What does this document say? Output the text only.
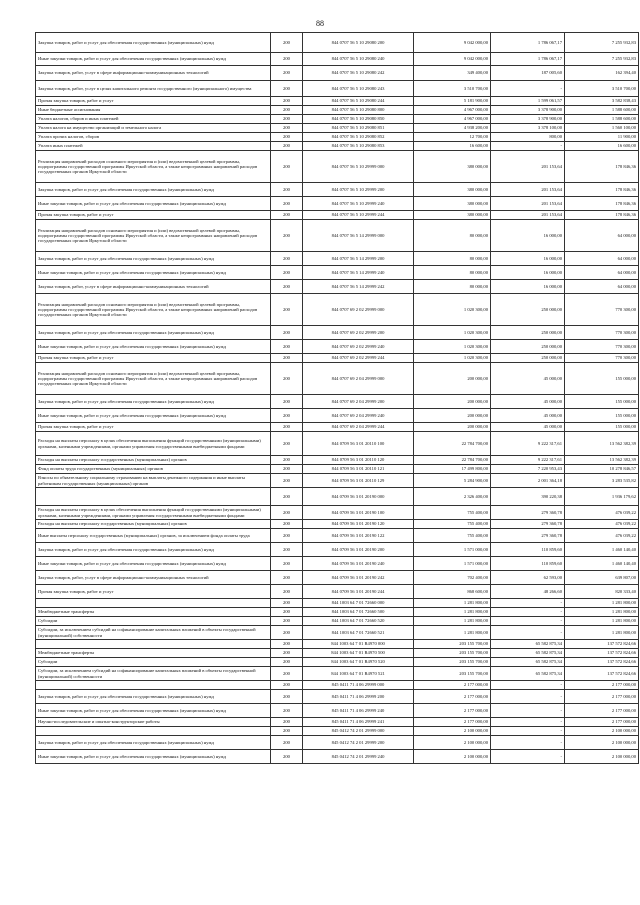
88
Закупка товаров, работ и услуг для обеспечения государственных (муниципальных) нужд	200	844 0707 56 5 10 29080 200	9 042 000,00	1 786 067,17	7 255 932,83
Иные закупки товаров, работ и услуг для обеспечения государственных (муниципальных) нужд	200	844 0707 56 5 10 29080 240	9 042 000,00	1 786 067,17	7 255 932,83
Закупка товаров, работ, услуг в сфере информационно-коммуникационных технологий	200	844 0707 56 5 10 29080 242	349 400,00	187 005,60	162 394,40
Закупка товаров, работ, услуг в целях капитального ремонта государственного (муниципального) имущества	200	844 0707 56 5 10 29080 243	3 510 700,00	-	3 510 700,00
Прочая закупка товаров, работ и услуг	200	844 0707 56 5 10 29080 244	5 181 900,00	1 599 061,57	3 582 838,43
Иные бюджетные ассигнования	200	844 0707 56 5 10 29080 800	4 967 000,00	3 378 900,00	1 588 600,00
Уплата налогов, сборов и иных платежей	200	844 0707 56 5 10 29080 850	4 967 000,00	3 378 900,00	1 588 600,00
Уплата налога на имущество организаций и земельного налога	200	844 0707 56 5 10 29080 851	4 938 200,00	3 378 100,00	1 560 100,00
Уплата прочих налогов, сборов	200	844 0707 56 5 10 29080 852	12 700,00	800,00	11 900,00
Уплата иных платежей	200	844 0707 56 5 10 29080 853	16 600,00	-	16 600,00
Реализация направлений расходов основного мероприятия и (или) ведомственной целевой программы, подпрограммы государственной программы Иркутской области, а также непрограммных направлений расходов государственных органов Иркутской области	200	844 0707 56 5 10 29999 000	380 000,00	201 153,64	178 846,36
Закупка товаров, работ и услуг для обеспечения государственных (муниципальных) нужд	200	844 0707 56 5 10 29999 200	380 000,00	201 153,64	178 846,36
Иные закупки товаров, работ и услуг для обеспечения государственных (муниципальных) нужд	200	844 0707 56 5 10 29999 240	380 000,00	201 153,64	178 846,36
Прочая закупка товаров, работ и услуг	200	844 0707 56 5 10 29999 244	380 000,00	201 153,64	178 846,36
Реализация направлений расходов основного мероприятия и (или) ведомственной целевой программы, подпрограммы государственной программы Иркутской области, а также непрограммных направлений расходов государственных органов Иркутской области	200	844 0707 56 5 14 29999 000	80 000,00	16 000,00	64 000,00
Закупка товаров, работ и услуг для обеспечения государственных (муниципальных) нужд	200	844 0707 56 5 14 29999 200	80 000,00	16 000,00	64 000,00
Иные закупки товаров, работ и услуг для обеспечения государственных (муниципальных) нужд	200	844 0707 56 5 14 29999 240	80 000,00	16 000,00	64 000,00
Закупка товаров, работ, услуг в сфере информационно-коммуникационных технологий	200	844 0707 56 5 14 29999 242	80 000,00	16 000,00	64 000,00
Реализация направлений расходов основного мероприятия и (или) ведомственной целевой программы, подпрограммы государственной программы Иркутской области, а также непрограммных направлений расходов государственных органов Иркутской области	200	844 0707 69 2 02 29999 000	1 020 300,00	250 000,00	770 300,00
Закупка товаров, работ и услуг для обеспечения государственных (муниципальных) нужд	200	844 0707 69 2 02 29999 200	1 020 300,00	250 000,00	770 300,00
Иные закупки товаров, работ и услуг для обеспечения государственных (муниципальных) нужд	200	844 0707 69 2 02 29999 240	1 020 300,00	250 000,00	770 300,00
Прочая закупка товаров, работ и услуг	200	844 0707 69 2 02 29999 244	1 020 300,00	250 000,00	770 300,00
Реализация направлений расходов основного мероприятия и (или) ведомственной целевой программы, подпрограммы государственной программы Иркутской области, а также непрограммных направлений расходов государственных органов Иркутской области	200	844 0707 69 2 04 29999 000	200 000,00	45 000,00	155 000,00
Закупка товаров, работ и услуг для обеспечения государственных (муниципальных) нужд	200	844 0707 69 2 04 29999 200	200 000,00	45 000,00	155 000,00
Иные закупки товаров, работ и услуг для обеспечения государственных (муниципальных) нужд	200	844 0707 69 2 04 29999 240	200 000,00	45 000,00	155 000,00
Прочая закупка товаров, работ и услуг	200	844 0707 69 2 04 29999 244	200 000,00	45 000,00	155 000,00
Расходы на выплаты персоналу в целях обеспечения выполнения функций государственными (муниципальными) органами, казенными учреждениями, органами управления государственными внебюджетными фондами	200	844 0709 56 3 01 20110 100	22 784 700,00	9 222 317,61	13 562 382,39
Расходы на выплаты персоналу государственных (муниципальных) органов	200	844 0709 56 3 01 20110 120	22 784 700,00	9 222 317,61	13 562 382,39
Фонд оплаты труда государственных (муниципальных) органов	200	844 0709 56 3 01 20110 121	17 499 800,00	7 220 953,43	10 278 846,57
Взносы по обязательному социальному страхованию на выплаты денежного содержания и иные выплаты работникам государственных (муниципальных) органов	200	844 0709 56 3 01 20110 129	5 284 900,00	2 001 364,18	3 283 535,82
	200	844 0709 56 3 01 20190 000	2 326 400,00	390 220,38	1 936 179,62
Расходы на выплаты персоналу в целях обеспечения выполнения функций государственными (муниципальными) органами, казенными учреждениями, органами управления государственными внебюджетными фондами	200	844 0709 56 3 01 20190 100	755 400,00	279 360,78	476 039,22
Расходы на выплаты персоналу государственных (муниципальных) органов	200	844 0709 56 3 01 20190 120	755 400,00	279 360,78	476 039,22
Иные выплаты персоналу государственных (муниципальных) органов, за исключением фонда оплаты труда	200	844 0709 56 3 01 20190 122	755 400,00	279 360,78	476 039,22
Закупка товаров, работ и услуг для обеспечения государственных (муниципальных) нужд	200	844 0709 56 3 01 20190 200	1 571 000,00	110 859,60	1 460 140,40
Иные закупки товаров, работ и услуг для обеспечения государственных (муниципальных) нужд	200	844 0709 56 3 01 20190 240	1 571 000,00	110 859,60	1 460 140,40
Закупка товаров, работ, услуг в сфере информационно-коммуникационных технологий	200	844 0709 56 3 01 20190 242	702 400,00	62 593,00	639 807,00
Прочая закупка товаров, работ и услуг	200	844 0709 56 3 01 20190 244	868 600,00	48 266,60	820 333,40
	200	844 1003 64 7 01 72660 000	1 281 800,00	-	1 281 800,00
Межбюджетные трансферты	200	844 1003 64 7 01 72660 500	1 281 800,00	-	1 281 800,00
Субсидии	200	844 1003 64 7 01 72660 520	1 281 800,00	-	1 281 800,00
Субсидии, за исключением субсидий на софинансирование капитальных вложений в объекты государственной (муниципальной) собственности	200	844 1003 64 7 01 72660 521	1 281 800,00	-	1 281 800,00
	200	844 1003 64 7 01 R4970 000	203 155 700,00	65 582 875,34	137 572 824,66
Межбюджетные трансферты	200	844 1003 64 7 01 R4970 500	203 155 700,00	65 582 875,34	137 572 824,66
Субсидии	200	844 1003 64 7 01 R4970 520	203 155 700,00	65 582 875,34	137 572 824,66
Субсидии, за исключением субсидий на софинансирование капитальных вложений в объекты государственной (муниципальной) собственности	200	844 1003 64 7 01 R4970 521	203 155 700,00	65 582 875,34	137 572 824,66
	200	845 0411 71 4 06 29999 000	2 177 000,00	-	2 177 000,00
Закупка товаров, работ и услуг для обеспечения государственных (муниципальных) нужд	200	845 0411 71 4 06 29999 200	2 177 000,00	-	2 177 000,00
Иные закупки товаров, работ и услуг для обеспечения государственных (муниципальных) нужд	200	845 0411 71 4 06 29999 240	2 177 000,00	-	2 177 000,00
Научно-исследовательские и опытно-конструкторские работы	200	845 0411 71 4 06 29999 241	2 177 000,00	-	2 177 000,00
	200	845 0412 74 2 01 29999 000	2 100 000,00	-	2 100 000,00
Закупка товаров, работ и услуг для обеспечения государственных (муниципальных) нужд	200	845 0412 74 2 01 29999 200	2 100 000,00	-	2 100 000,00
Иные закупки товаров, работ и услуг для обеспечения государственных (муниципальных) нужд	200	845 0412 74 2 01 29999 240	2 100 000,00	-	2 100 000,00
